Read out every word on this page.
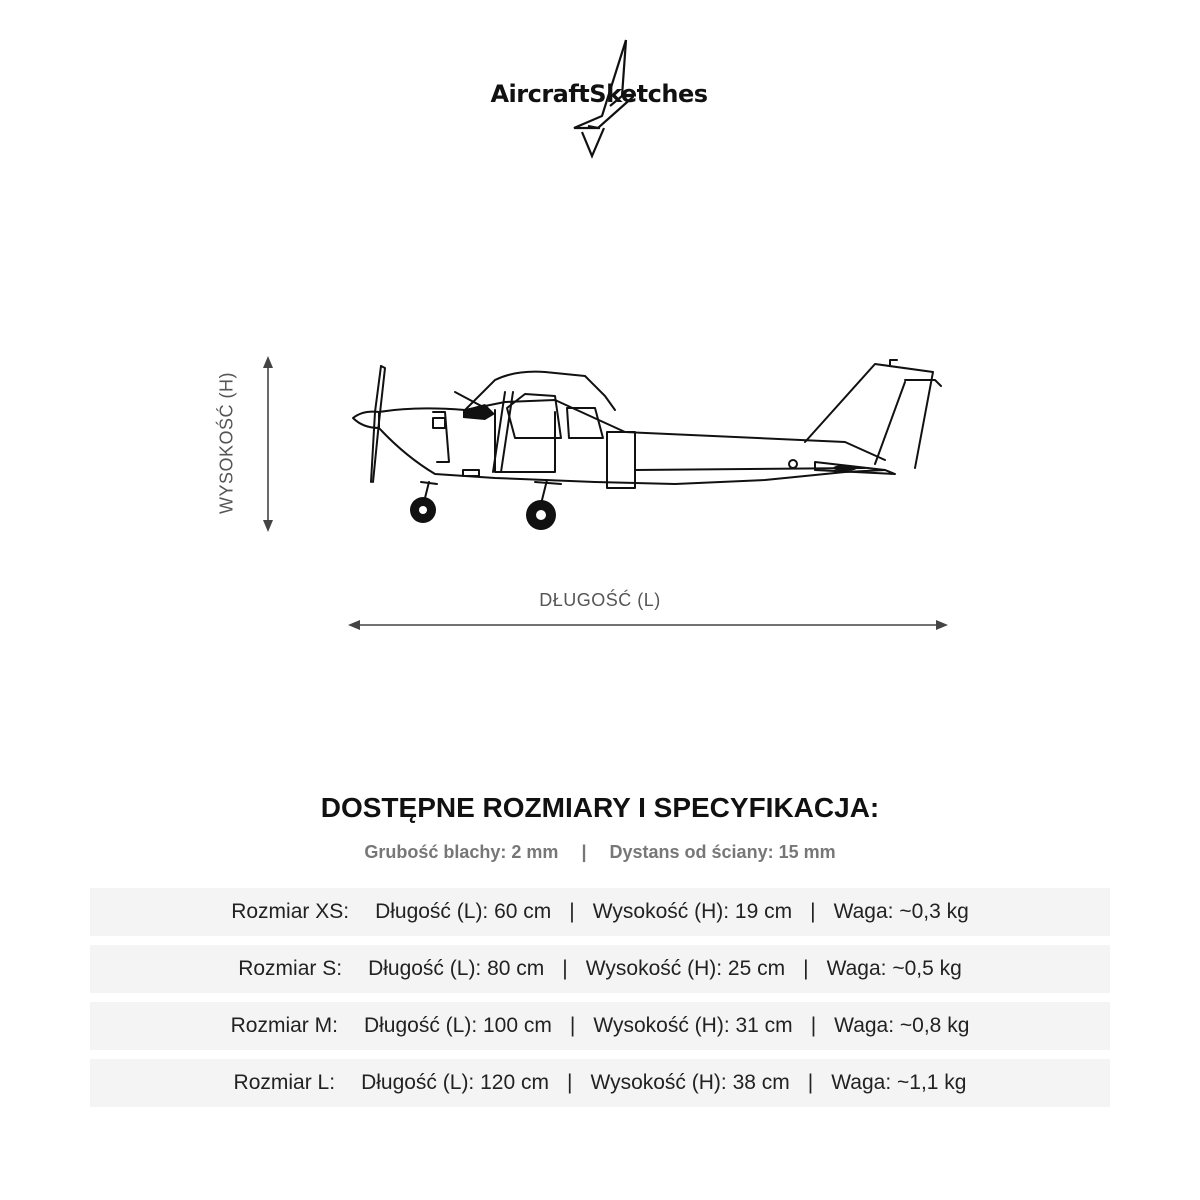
AircraftSketches
WYSOKOŚĆ (H)
DŁUGOŚĆ (L)
DOSTĘPNE ROZMIARY I SPECYFIKACJA:
Grubość blachy: 2 mm | Dystans od ściany: 15 mm
Rozmiar XS: Długość (L): 60 cm | Wysokość (H): 19 cm | Waga: ~0,3 kg
Rozmiar S: Długość (L): 80 cm | Wysokość (H): 25 cm | Waga: ~0,5 kg
Rozmiar M: Długość (L): 100 cm | Wysokość (H): 31 cm | Waga: ~0,8 kg
Rozmiar L: Długość (L): 120 cm | Wysokość (H): 38 cm | Waga: ~1,1 kg
